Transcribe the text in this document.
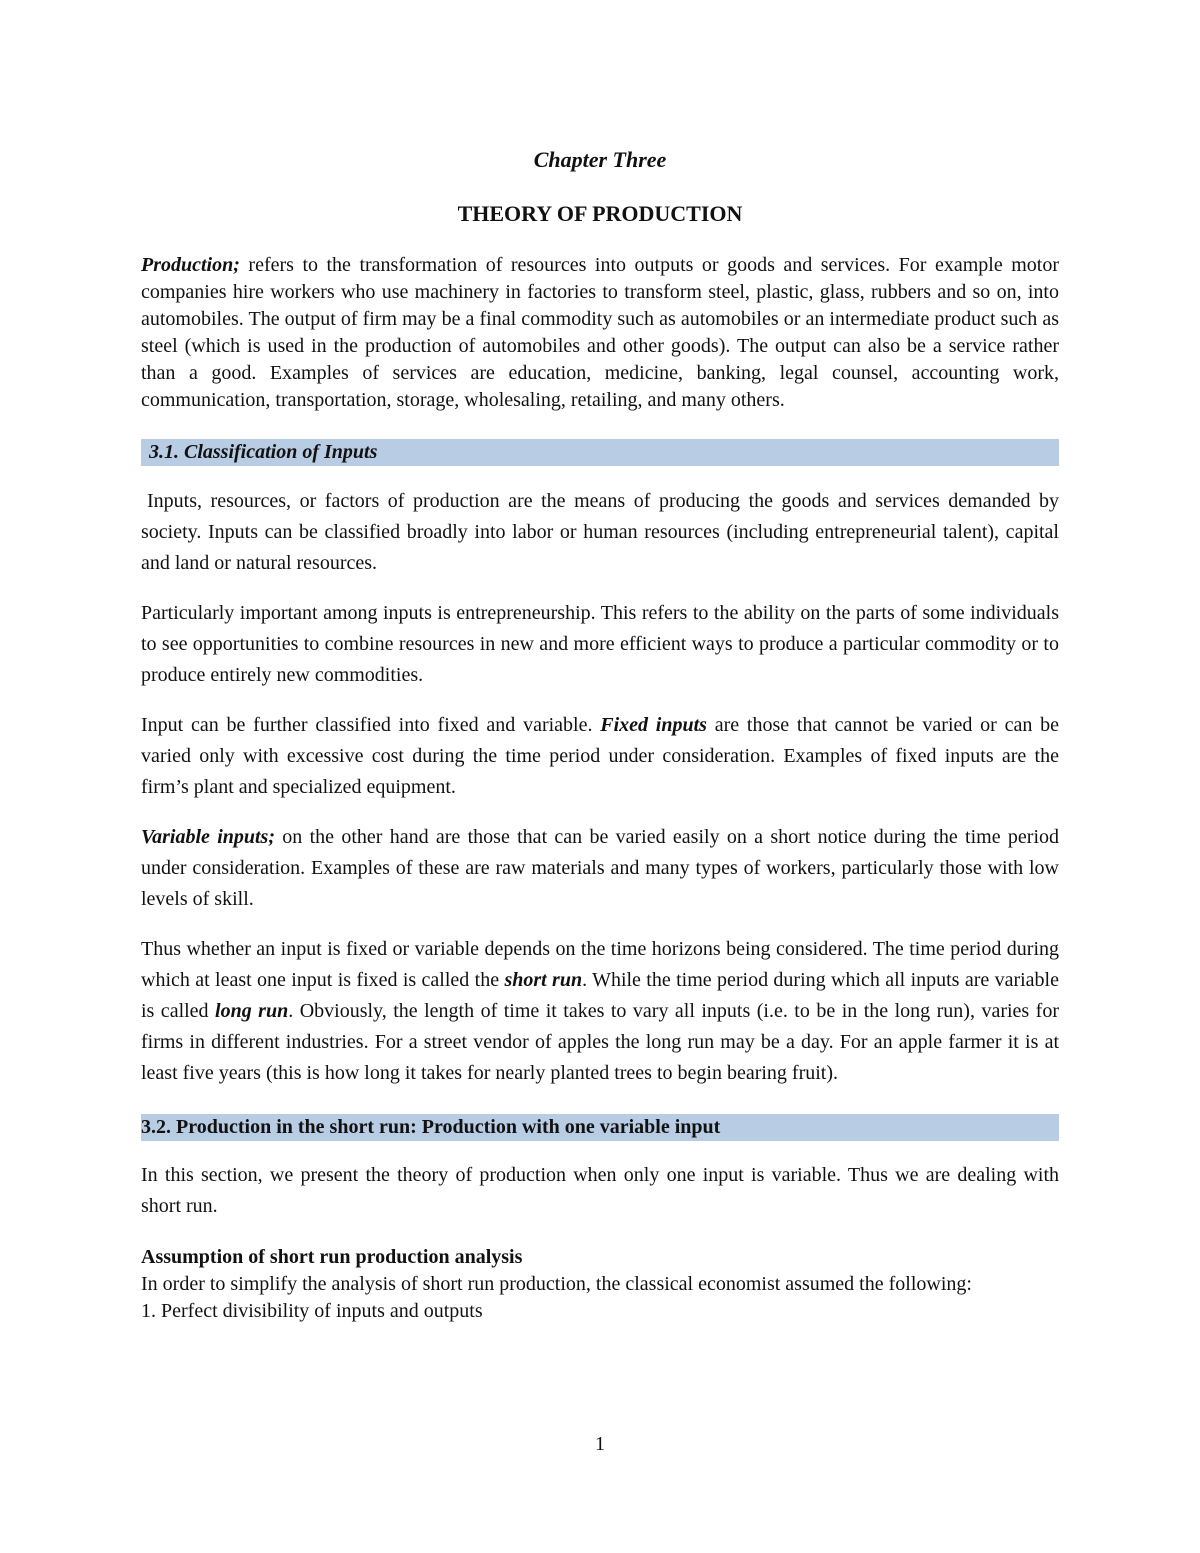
Chapter Three
THEORY OF PRODUCTION

Production; refers to the transformation of resources into outputs or goods and services. For example motor companies hire workers who use machinery in factories to transform steel, plastic, glass, rubbers and so on, into automobiles. The output of firm may be a final commodity such as automobiles or an intermediate product such as steel (which is used in the production of automobiles and other goods). The output can also be a service rather than a good. Examples of services are education, medicine, banking, legal counsel, accounting work, communication, transportation, storage, wholesaling, retailing, and many others.

3.1. Classification of Inputs

Inputs, resources, or factors of production are the means of producing the goods and services demanded by society. Inputs can be classified broadly into labor or human resources (including entrepreneurial talent), capital and land or natural resources.

Particularly important among inputs is entrepreneurship. This refers to the ability on the parts of some individuals to see opportunities to combine resources in new and more efficient ways to produce a particular commodity or to produce entirely new commodities.

Input can be further classified into fixed and variable. Fixed inputs are those that cannot be varied or can be varied only with excessive cost during the time period under consideration. Examples of fixed inputs are the firm’s plant and specialized equipment.

Variable inputs; on the other hand are those that can be varied easily on a short notice during the time period under consideration. Examples of these are raw materials and many types of workers, particularly those with low levels of skill.

Thus whether an input is fixed or variable depends on the time horizons being considered. The time period during which at least one input is fixed is called the short run. While the time period during which all inputs are variable is called long run. Obviously, the length of time it takes to vary all inputs (i.e. to be in the long run), varies for firms in different industries. For a street vendor of apples the long run may be a day. For an apple farmer it is at least five years (this is how long it takes for nearly planted trees to begin bearing fruit).

3.2. Production in the short run: Production with one variable input

In this section, we present the theory of production when only one input is variable. Thus we are dealing with short run.

Assumption of short run production analysis

In order to simplify the analysis of short run production, the classical economist assumed the following:

1. Perfect divisibility of inputs and outputs

1
